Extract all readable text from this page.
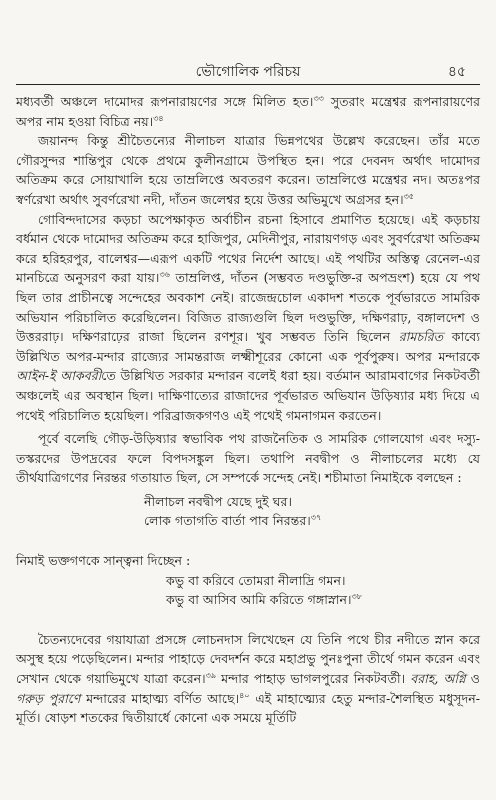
ভৌগোলিক পরিচয়	৪৫

মধ্যবর্তী অঞ্চলে দামোদর রূপনারায়ণের সঙ্গে মিলিত হত।$^{৩৩}$ সুতরাং মন্ত্রেশ্বর রূপনারায়ণের অপর নাম হওয়া বিচিত্র নয়।$^{৩৪}$

জয়ানন্দ কিন্তু শ্রীচৈতন্যের নীলাচল যাত্রার ভিন্নপথের উল্লেখ করেছেন। তাঁর মতে গৌরসুন্দর শান্তিপুর থেকে প্রথমে কুলীনগ্রামে উপস্থিত হন। পরে দেবনদ অর্থাৎ দামোদর অতিক্রম করে সোয়াখালি হয়ে তাম্রলিপ্তে অবতরণ করেন। তাম্রলিপ্তে মন্ত্রেশ্বর নদ। অতঃপর স্বর্ণরেখা অর্থাৎ সুবর্ণরেখা নদী, দাঁতন জলেশ্বর হয়ে উত্তর অভিমুখে অগ্রসর হন।$^{৩৫}$

গোবিন্দদাসের কড়চা অপেক্ষাকৃত অর্বাচীন রচনা হিসাবে প্রমাণিত হয়েছে। এই কড়চায় বর্ধমান থেকে দামোদর অতিক্রম করে হাজিপুর, মেদিনীপুর, নারায়ণগড় এবং সুবর্ণরেখা অতিক্রম করে হরিহরপুর, বালেশ্বর—এরূপ একটি পথের নির্দেশ আছে। এই পথটির অস্তিত্ব রেনেল-এর মানচিত্রে অনুসরণ করা যায়।$^{৩৬}$ তাম্রলিপ্ত, দাঁতন (সম্ভবত দণ্ডভুক্তি-র অপভ্রংশ) হয়ে যে পথ ছিল তার প্রাচীনত্বে সন্দেহের অবকাশ নেই। রাজেন্দ্রচোল একাদশ শতকে পূর্বভারতে সামরিক অভিযান পরিচালিত করেছিলেন। বিজিত রাজ্যগুলি ছিল দণ্ডভুক্তি, দক্ষিণরাঢ়, বঙ্গালদেশ ও উত্তররাঢ়। দক্ষিণরাঢ়ের রাজা ছিলেন রণশূর। খুব সম্ভবত তিনি ছিলেন রামচরিত কাব্যে উল্লিখিত অপর-মন্দার রাজ্যের সামন্তরাজ লক্ষ্মীশূরের কোনো এক পূর্বপুরুষ। অপর মন্দারকে আইন-ই আকবরীতে উল্লিখিত সরকার মন্দারন বলেই ধরা হয়। বর্তমান আরামবাগের নিকটবর্তী অঞ্চলেই এর অবস্থান ছিল। দাক্ষিণাত্যের রাজাদের পূর্বভারত অভিযান উড়িষ্যার মধ্য দিয়ে এ পথেই পরিচালিত হয়েছিল। পরিব্রাজকগণও এই পথেই গমনাগমন করতেন।

পূর্বে বলেছি গৌড়-উড়িষ্যার স্বভাবিক পথ রাজনৈতিক ও সামরিক গোলযোগ এবং দস্যু-তস্করদের উপদ্রবের ফলে বিপদসঙ্কুল ছিল। তথাপি নবদ্বীপ ও নীলাচলের মধ্যে যে তীর্থযাত্রিগণের নিরন্তর গতায়াত ছিল, সে সম্পর্কে সন্দেহ নেই। শচীমাতা নিমাইকে বলছেন :

নীলাচল নবদ্বীপ যেছে দুই ঘর।
লোক গতাগতি বার্তা পাব নিরন্তর।$^{৩৭}$

নিমাই ভক্তগণকে সান্ত্বনা দিচ্ছেন :

কভু বা করিবে তোমরা নীলাদ্রি গমন।
কভু বা আসিব আমি করিতে গঙ্গাস্নান।$^{৩৮}$

চৈতন্যদেবের গয়াযাত্রা প্রসঙ্গে লোচনদাস লিখেছেন যে তিনি পথে চীর নদীতে স্নান করে অসুস্থ হয়ে পড়েছিলেন। মন্দার পাহাড়ে দেবদর্শন করে মহাপ্রভু পুনঃপুনা তীর্থে গমন করেন এবং সেখান থেকে গয়াভিমুখে যাত্রা করেন।$^{৩৯}$ মন্দার পাহাড় ভাগলপুরের নিকটবর্তী। বরাহ, অগ্নি ও গরুড় পুরাণে মন্দারের মাহাত্ম্য বর্ণিত আছে।$^{৪০}$ এই মাহাত্ম্যের হেতু মন্দার-শৈলস্থিত মধুসূদন-মূর্তি। ষোড়শ শতকের দ্বিতীয়ার্ধে কোনো এক সময়ে মূর্তিটি
